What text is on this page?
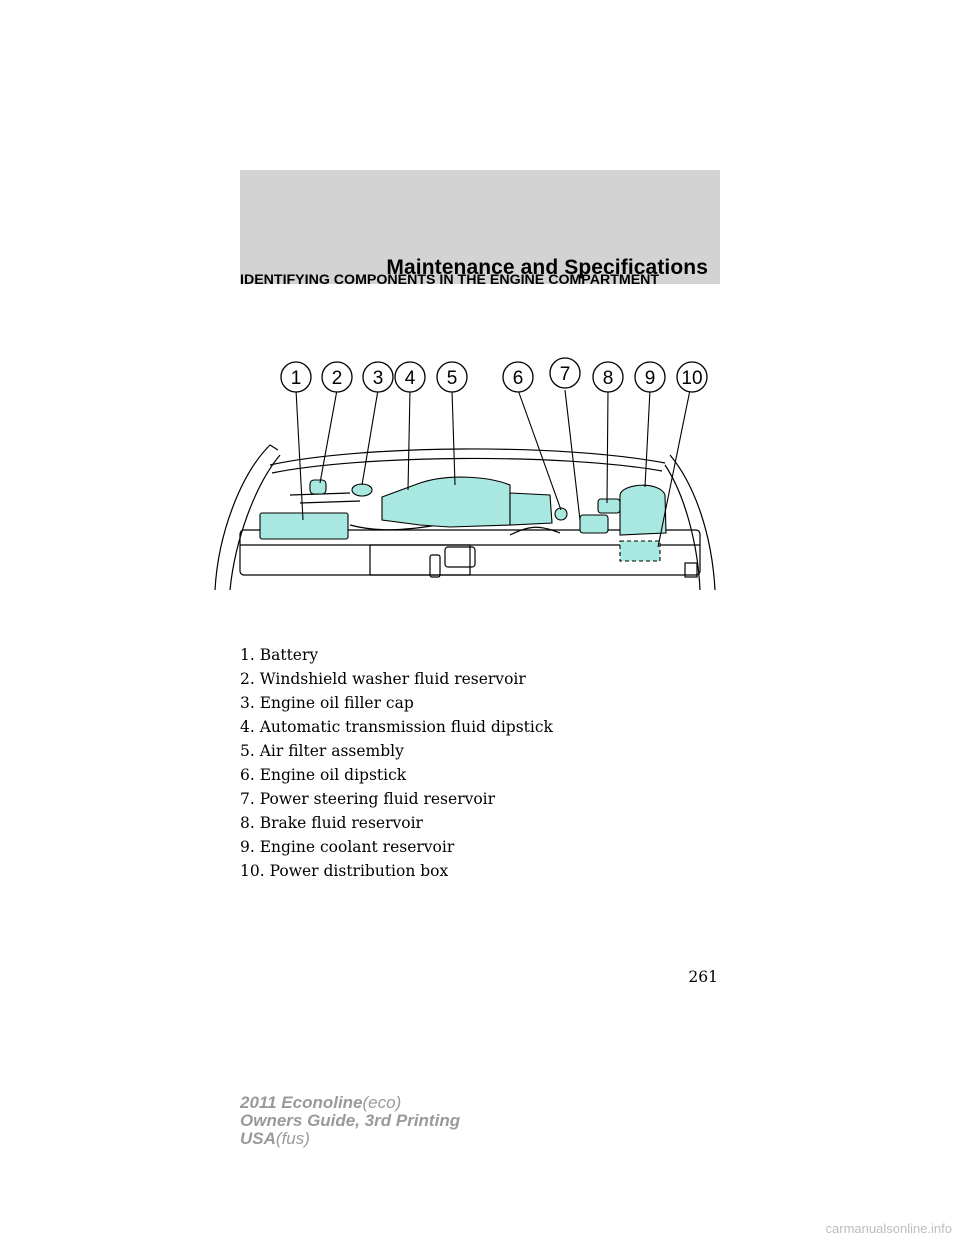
Maintenance and Specifications
IDENTIFYING COMPONENTS IN THE ENGINE COMPARTMENT
1 2 3 4 5	6 7 8 9 10
1. Battery
2. Windshield washer fluid reservoir
3. Engine oil filler cap
4. Automatic transmission fluid dipstick
5. Air filter assembly
6. Engine oil dipstick
7. Power steering fluid reservoir
8. Brake fluid reservoir
9. Engine coolant reservoir
10. Power distribution box
261
2011 Econoline(eco)
Owners Guide, 3rd Printing
USA(fus)
carmanualsonline.info
